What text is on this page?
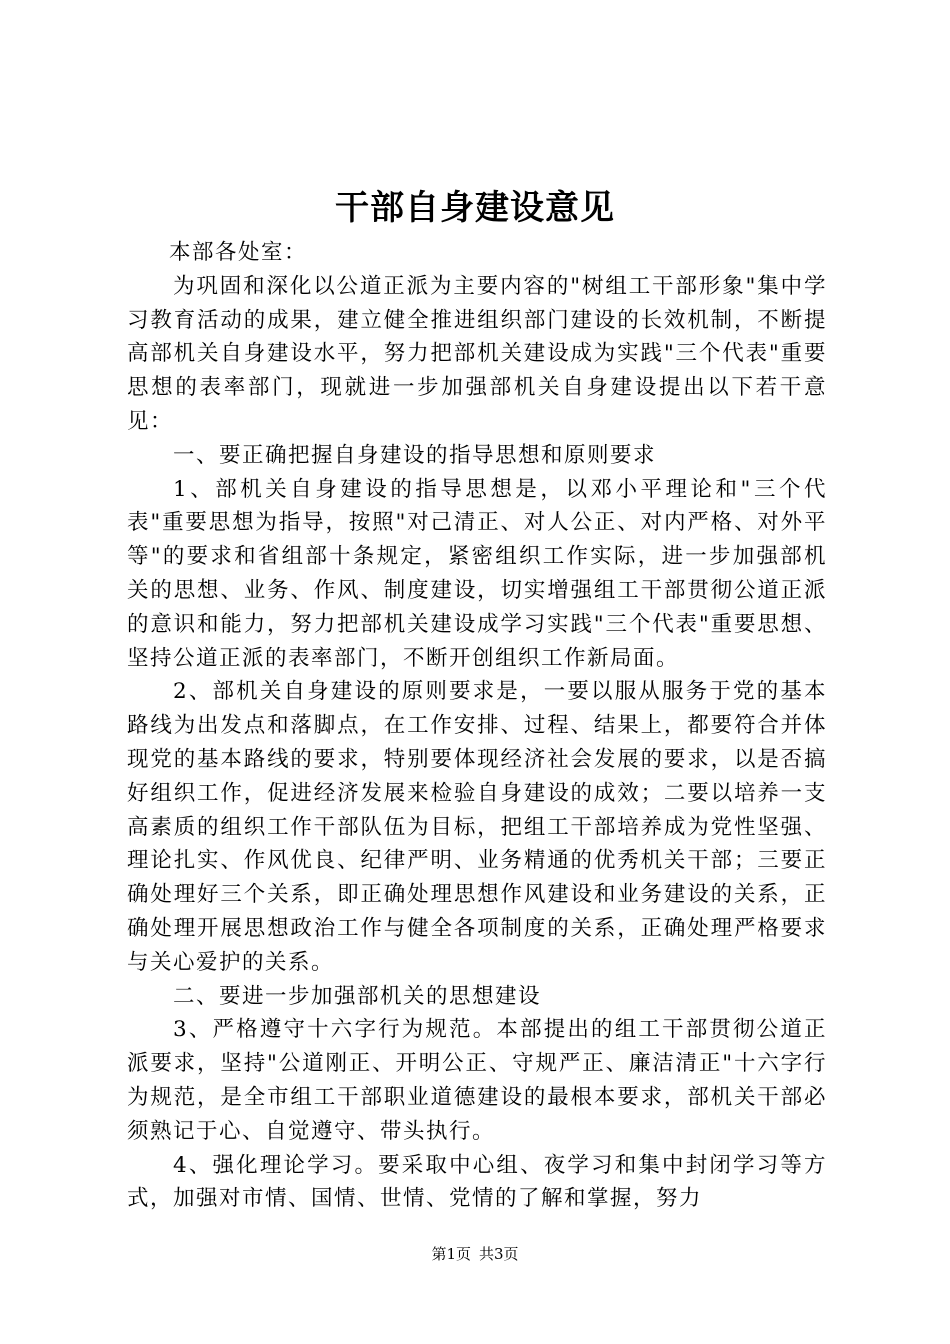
干部自身建设意见

本部各处室：

为巩固和深化以公道正派为主要内容的"树组工干部形象"集中学习教育活动的成果，建立健全推进组织部门建设的长效机制，不断提高部机关自身建设水平，努力把部机关建设成为实践"三个代表"重要思想的表率部门，现就进一步加强部机关自身建设提出以下若干意见：

一、要正确把握自身建设的指导思想和原则要求

1、部机关自身建设的指导思想是，以邓小平理论和"三个代表"重要思想为指导，按照"对己清正、对人公正、对内严格、对外平等"的要求和省组部十条规定，紧密组织工作实际，进一步加强部机关的思想、业务、作风、制度建设，切实增强组工干部贯彻公道正派的意识和能力，努力把部机关建设成学习实践"三个代表"重要思想、坚持公道正派的表率部门，不断开创组织工作新局面。

2、部机关自身建设的原则要求是，一要以服从服务于党的基本路线为出发点和落脚点，在工作安排、过程、结果上，都要符合并体现党的基本路线的要求，特别要体现经济社会发展的要求，以是否搞好组织工作，促进经济发展来检验自身建设的成效；二要以培养一支高素质的组织工作干部队伍为目标，把组工干部培养成为党性坚强、理论扎实、作风优良、纪律严明、业务精通的优秀机关干部；三要正确处理好三个关系，即正确处理思想作风建设和业务建设的关系，正确处理开展思想政治工作与健全各项制度的关系，正确处理严格要求与关心爱护的关系。

二、要进一步加强部机关的思想建设

3、严格遵守十六字行为规范。本部提出的组工干部贯彻公道正派要求，坚持"公道刚正、开明公正、守规严正、廉洁清正"十六字行为规范，是全市组工干部职业道德建设的最根本要求，部机关干部必须熟记于心、自觉遵守、带头执行。

4、强化理论学习。要采取中心组、夜学习和集中封闭学习等方式，加强对市情、国情、世情、党情的了解和掌握，努力

第1页 共3页
